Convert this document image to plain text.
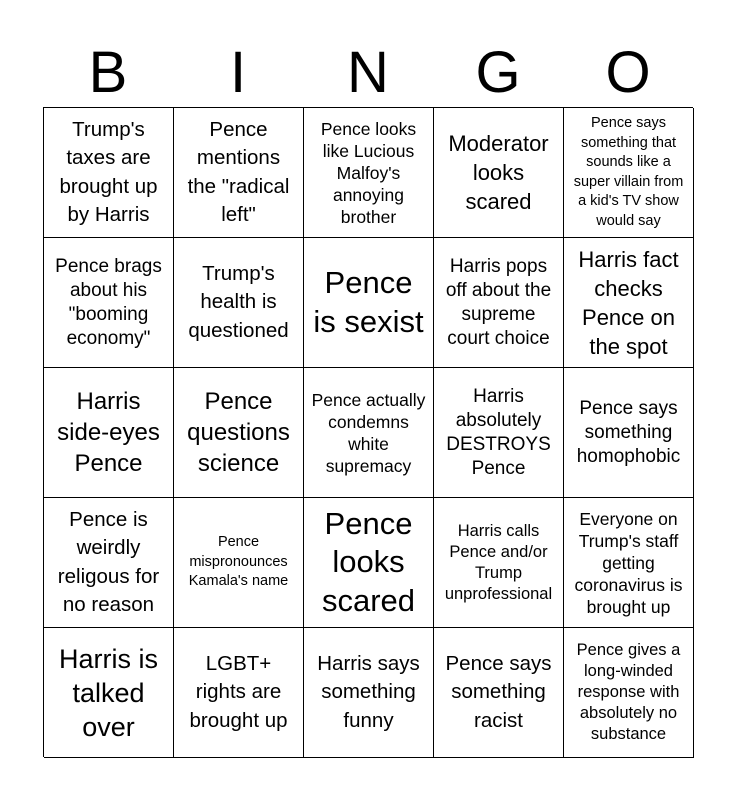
B	I	N	G	O
Trump's taxes are brought up by Harris
Pence mentions the "radical left"
Pence looks like Lucious Malfoy's annoying brother
Moderator looks scared
Pence says something that sounds like a super villain from a kid's TV show would say
Pence brags about his "booming economy"
Trump's health is questioned
Pence is sexist
Harris pops off about the supreme court choice
Harris fact checks Pence on the spot
Harris side-eyes Pence
Pence questions science
Pence actually condemns white supremacy
Harris absolutely DESTROYS Pence
Pence says something homophobic
Pence is weirdly religous for no reason
Pence mispronounces Kamala's name
Pence looks scared
Harris calls Pence and/or Trump unprofessional
Everyone on Trump's staff getting coronavirus is brought up
Harris is talked over
LGBT+ rights are brought up
Harris says something funny
Pence says something racist
Pence gives a long-winded response with absolutely no substance
